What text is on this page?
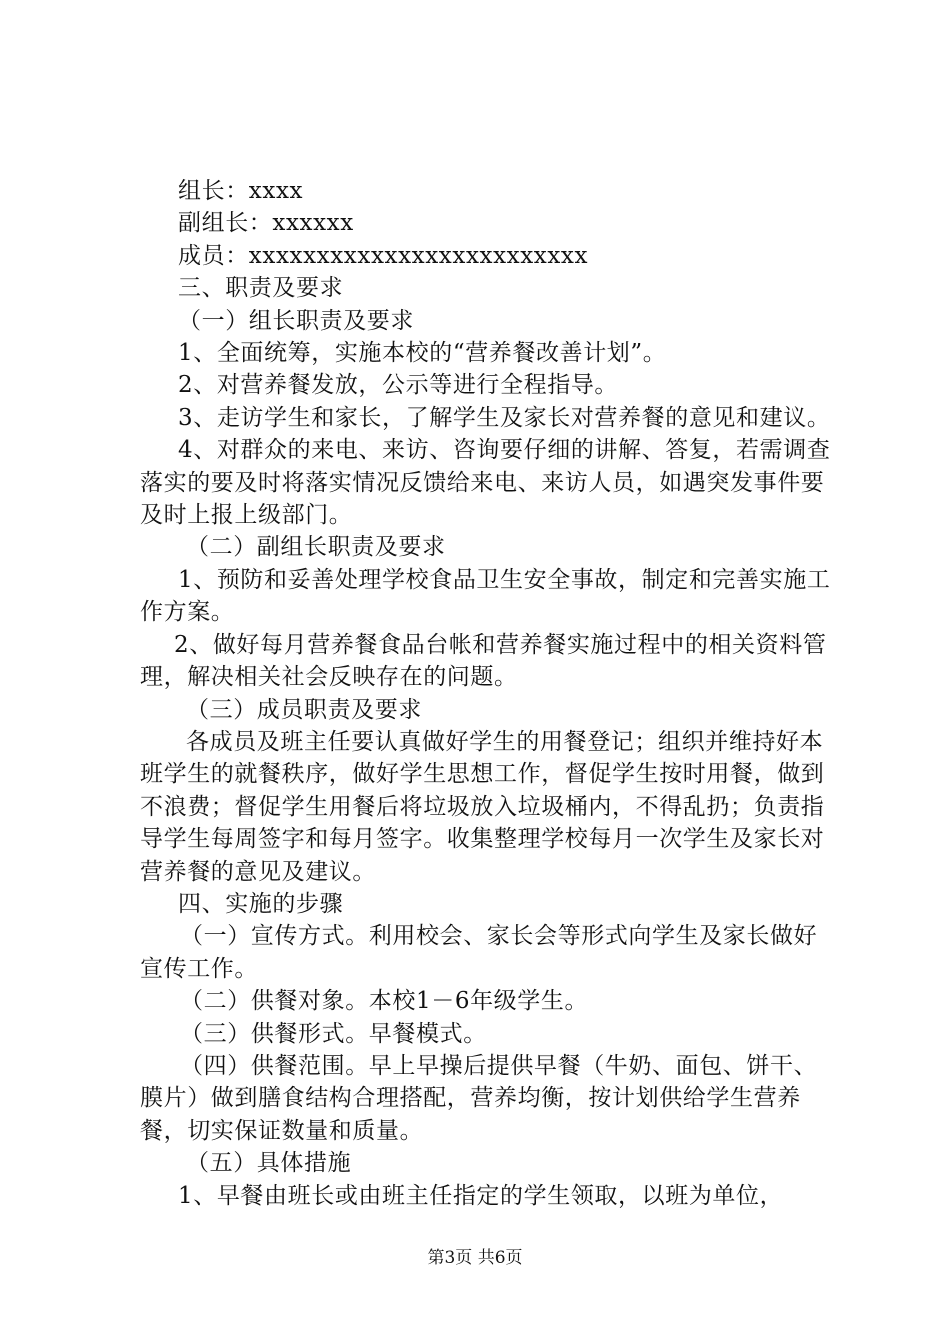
组长：xxxx

副组长：xxxxxx

成员：xxxxxxxxxxxxxxxxxxxxxxxxx

三、职责及要求

（一）组长职责及要求

1、全面统筹，实施本校的“营养餐改善计划”。

2、对营养餐发放，公示等进行全程指导。

3、走访学生和家长，了解学生及家长对营养餐的意见和建议。

4、对群众的来电、来访、咨询要仔细的讲解、答复，若需调查落实的要及时将落实情况反馈给来电、来访人员，如遇突发事件要及时上报上级部门。

（二）副组长职责及要求

1、预防和妥善处理学校食品卫生安全事故，制定和完善实施工作方案。

2、做好每月营养餐食品台帐和营养餐实施过程中的相关资料管理，解决相关社会反映存在的问题。

（三）成员职责及要求

各成员及班主任要认真做好学生的用餐登记；组织并维持好本班学生的就餐秩序，做好学生思想工作，督促学生按时用餐，做到不浪费；督促学生用餐后将垃圾放入垃圾桶内，不得乱扔；负责指导学生每周签字和每月签字。收集整理学校每月一次学生及家长对营养餐的意见及建议。

四、实施的步骤

（一）宣传方式。利用校会、家长会等形式向学生及家长做好宣传工作。

（二）供餐对象。本校1－6年级学生。

（三）供餐形式。早餐模式。

（四）供餐范围。早上早操后提供早餐（牛奶、面包、饼干、膜片）做到膳食结构合理搭配，营养均衡，按计划供给学生营养餐，切实保证数量和质量。

（五）具体措施

1、早餐由班长或由班主任指定的学生领取，以班为单位，

第3页 共6页
